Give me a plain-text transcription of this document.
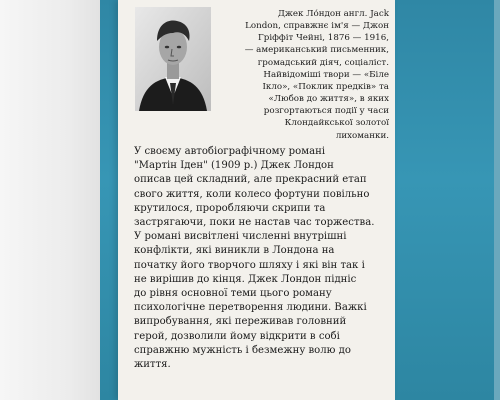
Джек Ло́ндон англ. Jack
London, справжнє ім'я — Джон
Гріффіт Чейні, 1876 — 1916,
— американський письменник,
громадський діяч, соціаліст.
Найвідоміші твори — «Біле
Ікло», «Поклик предків» та
«Любов до життя», в яких
розгортаються події у часи
Клондайкської золотої
лихоманки.

У своєму автобіографічному романі
"Мартін Іден" (1909 р.) Джек Лондон
описав цей складний, але прекрасний етап
свого життя, коли колесо фортуни повільно
крутилося, проробляючи скрипи та
застрягаючи, поки не настав час торжества.
У романі висвітлені численні внутрішні
конфлікти, які виникли в Лондона на
початку його творчого шляху і які він так і
не вирішив до кінця. Джек Лондон підніс
до рівня основної теми цього роману
психологічне перетворення людини. Важкі
випробування, які переживав головний
герой, дозволили йому відкрити в собі
справжню мужність і безмежну волю до
життя.
